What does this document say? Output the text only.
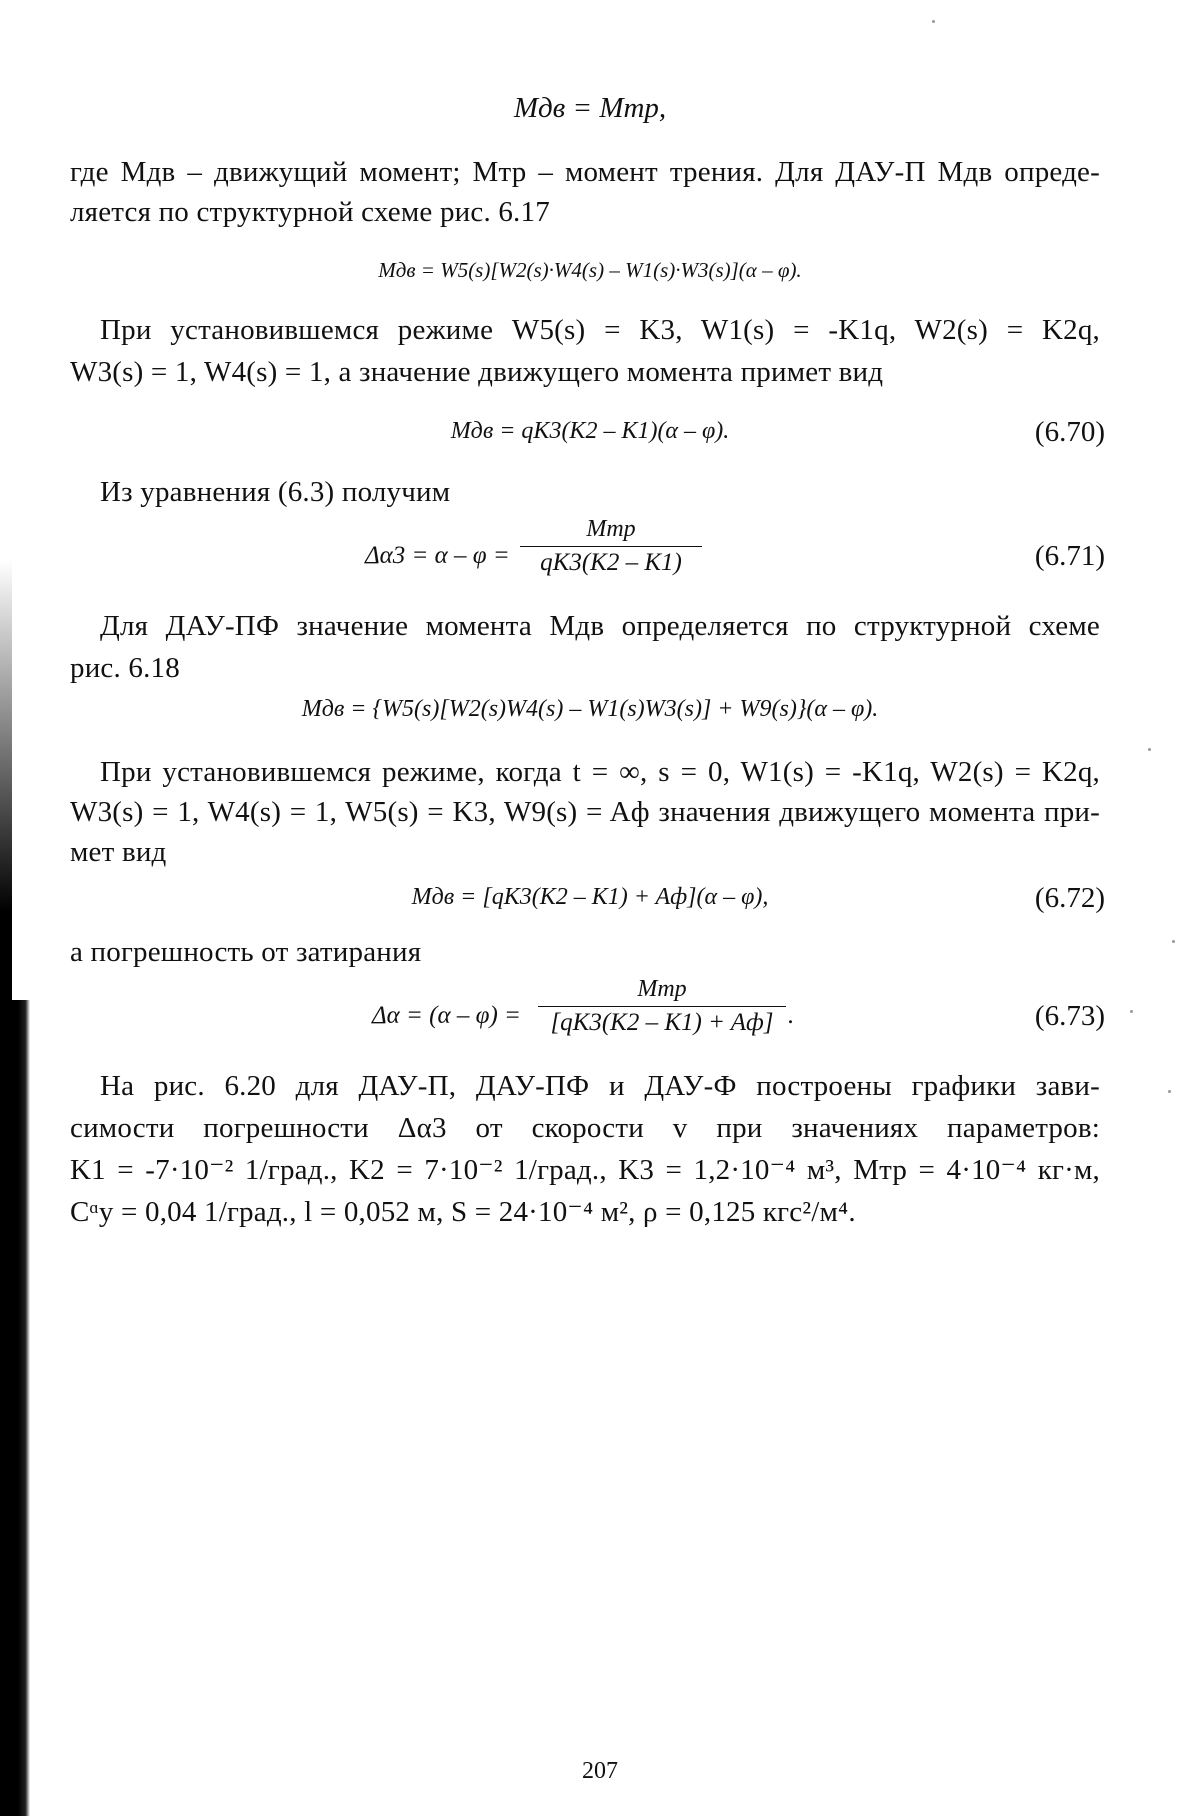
Mдв = Mтр,
где Mдв – движущий момент; Mтр – момент трения. Для ДАУ-П Mдв опреде-
ляется по структурной схеме рис. 6.17
Mдв = W5(s)[W2(s)·W4(s) – W1(s)·W3(s)](α – φ).
При установившемся режиме W5(s) = K3, W1(s) = -K1q, W2(s) = K2q,
W3(s) = 1, W4(s) = 1, а значение движущего момента примет вид
Mдв = qK3(K2 – K1)(α – φ).	(6.70)
Из уравнения (6.3) получим
Δα3 = α – φ =
Mтр
qK3(K2 – K1)	(6.71)
Для ДАУ-ПФ значение момента Mдв определяется по структурной схеме
рис. 6.18
Mдв = {W5(s)[W2(s)W4(s) – W1(s)W3(s)] + W9(s)}(α – φ).
При установившемся режиме, когда t = ∞, s = 0, W1(s) = -K1q, W2(s) = K2q,
W3(s) = 1, W4(s) = 1, W5(s) = K3, W9(s) = Aф значения движущего момента при-
мет вид
Mдв = [qK3(K2 – K1) + Aф](α – φ),	(6.72)
а погрешность от затирания
Δα = (α – φ) =
Mтр
[qK3(K2 – K1) + Aф] .	(6.73)
На рис. 6.20 для ДАУ-П, ДАУ-ПФ и ДАУ-Ф построены графики зави-
симости погрешности Δα3 от скорости v при значениях параметров:
K1 = -7·10⁻² 1/град., K2 = 7·10⁻² 1/град., K3 = 1,2·10⁻⁴ м³, Mтр = 4·10⁻⁴ кг·м,
Cᵅy = 0,04 1/град., l = 0,052 м, S = 24·10⁻⁴ м², ρ = 0,125 кгс²/м⁴.
207
